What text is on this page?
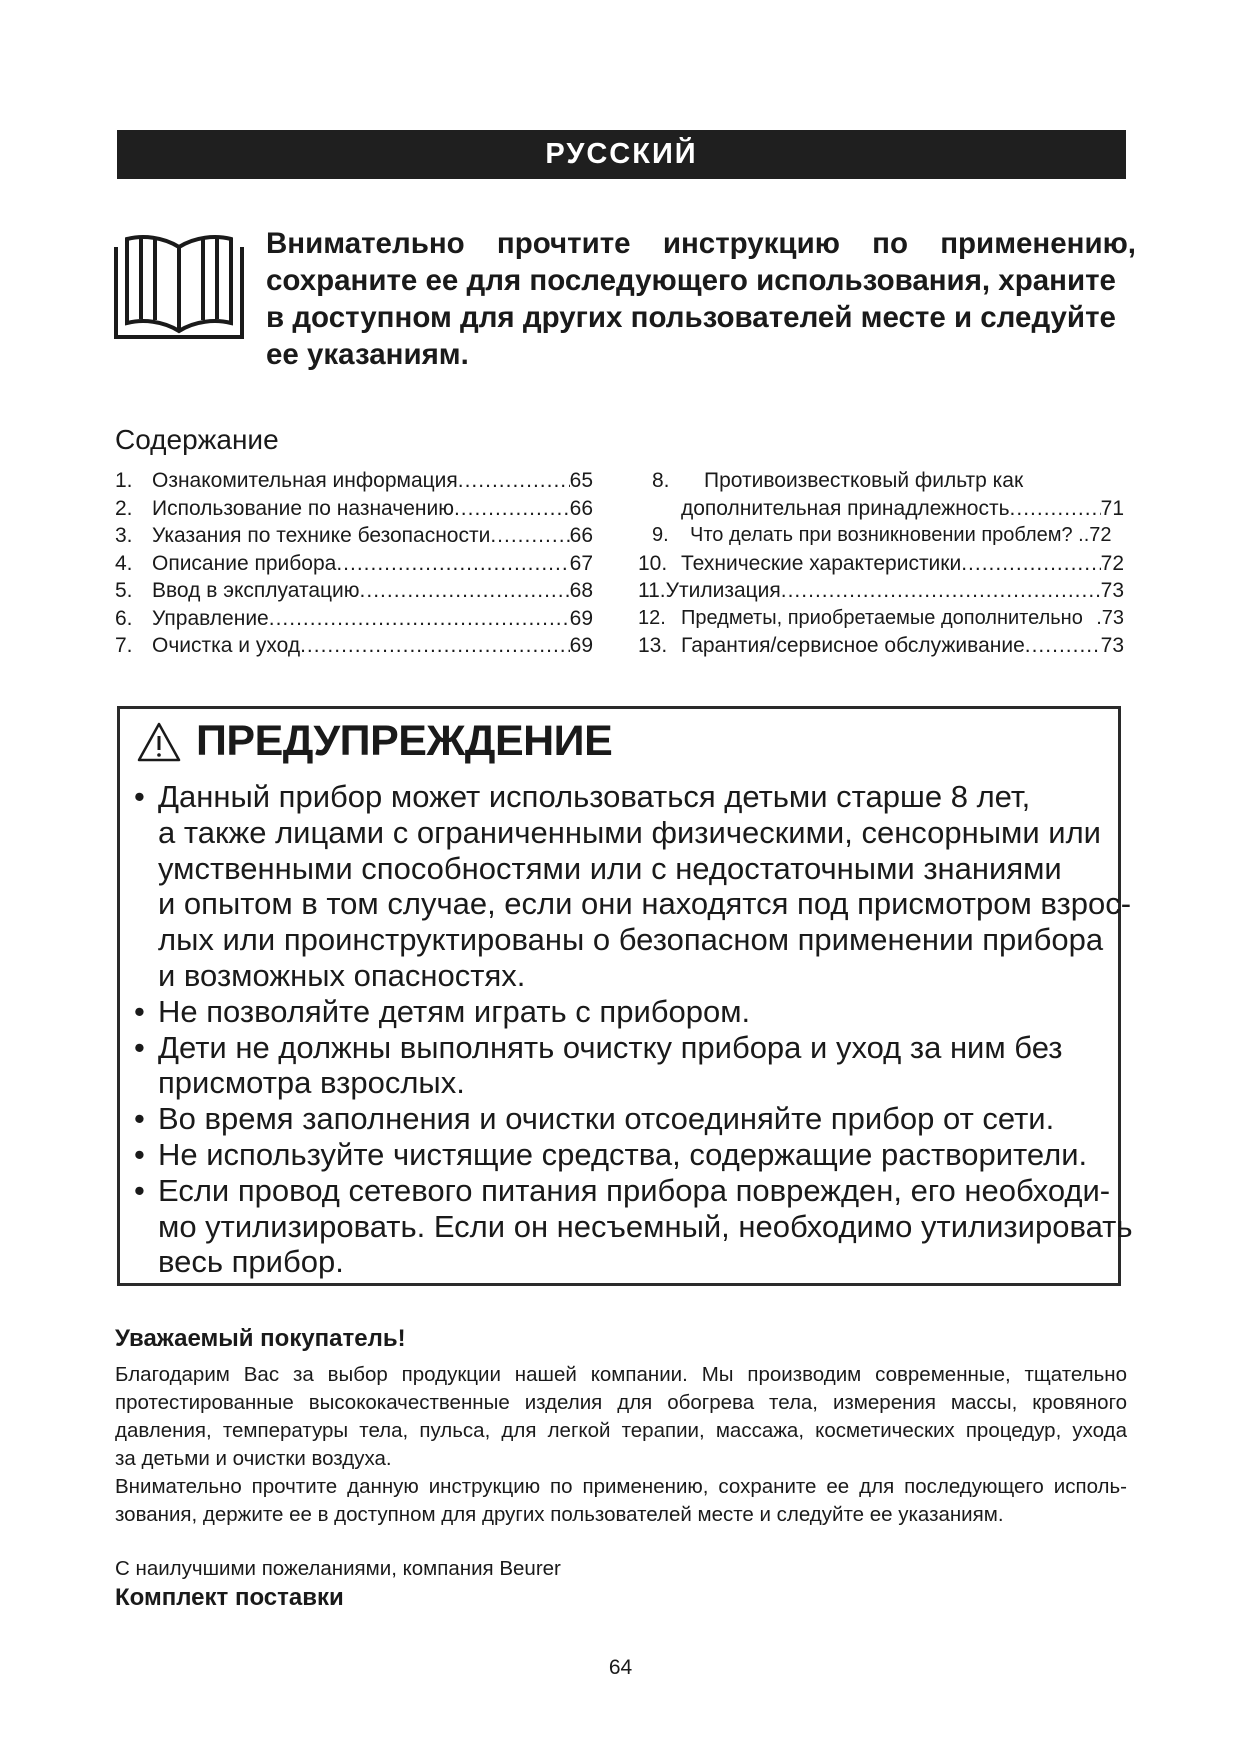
РУССКИЙ
Внимательно прочтите инструкцию по применению,
сохраните ее для последующего использования, храните
в доступном для других пользователей месте и следуйте
ее указаниям.
Содержание
1. Ознакомительная информация .....	65
2. Использование по назначению .....	66
3. Указания по технике безопасности .....	66
4. Описание прибора .....	67
5. Ввод в эксплуатацию .....	68
6. Управление .....	69
7. Очистка и уход .....	69
8.	Противоизвестковый фильтр как
дополнительная принадлежность .....	71
9.	Что делать при возникновении проблем? ..72
10. Технические характеристики .....	72
11. Утилизация .....	73
12. Предметы, приобретаемые дополнительно .73
13. Гарантия/сервисное обслуживание .....	73
ПРЕДУПРЕЖДЕНИЕ
• Данный прибор может использоваться детьми старше 8 лет,
а также лицами с ограниченными физическими, сенсорными или
умственными способностями или с недостаточными знаниями
и опытом в том случае, если они находятся под присмотром взрос-
лых или проинструктированы о безопасном применении прибора
и возможных опасностях.
• Не позволяйте детям играть с прибором.
• Дети не должны выполнять очистку прибора и уход за ним без
присмотра взрослых.
• Во время заполнения и очистки отсоединяйте прибор от сети.
• Не используйте чистящие средства, содержащие растворители.
• Если провод сетевого питания прибора поврежден, его необходи-
мо утилизировать. Если он несъемный, необходимо утилизировать
весь прибор.
Уважаемый покупатель!
Благодарим Вас за выбор продукции нашей компании. Мы производим современные, тщательно
протестированные высококачественные изделия для обогрева тела, измерения массы, кровяного
давления, температуры тела, пульса, для легкой терапии, массажа, косметических процедур, ухода
за детьми и очистки воздуха.
Внимательно прочтите данную инструкцию по применению, сохраните ее для последующего исполь-
зования, держите ее в доступном для других пользователей месте и следуйте ее указаниям.
С наилучшими пожеланиями, компания Beurer
Комплект поставки
64
